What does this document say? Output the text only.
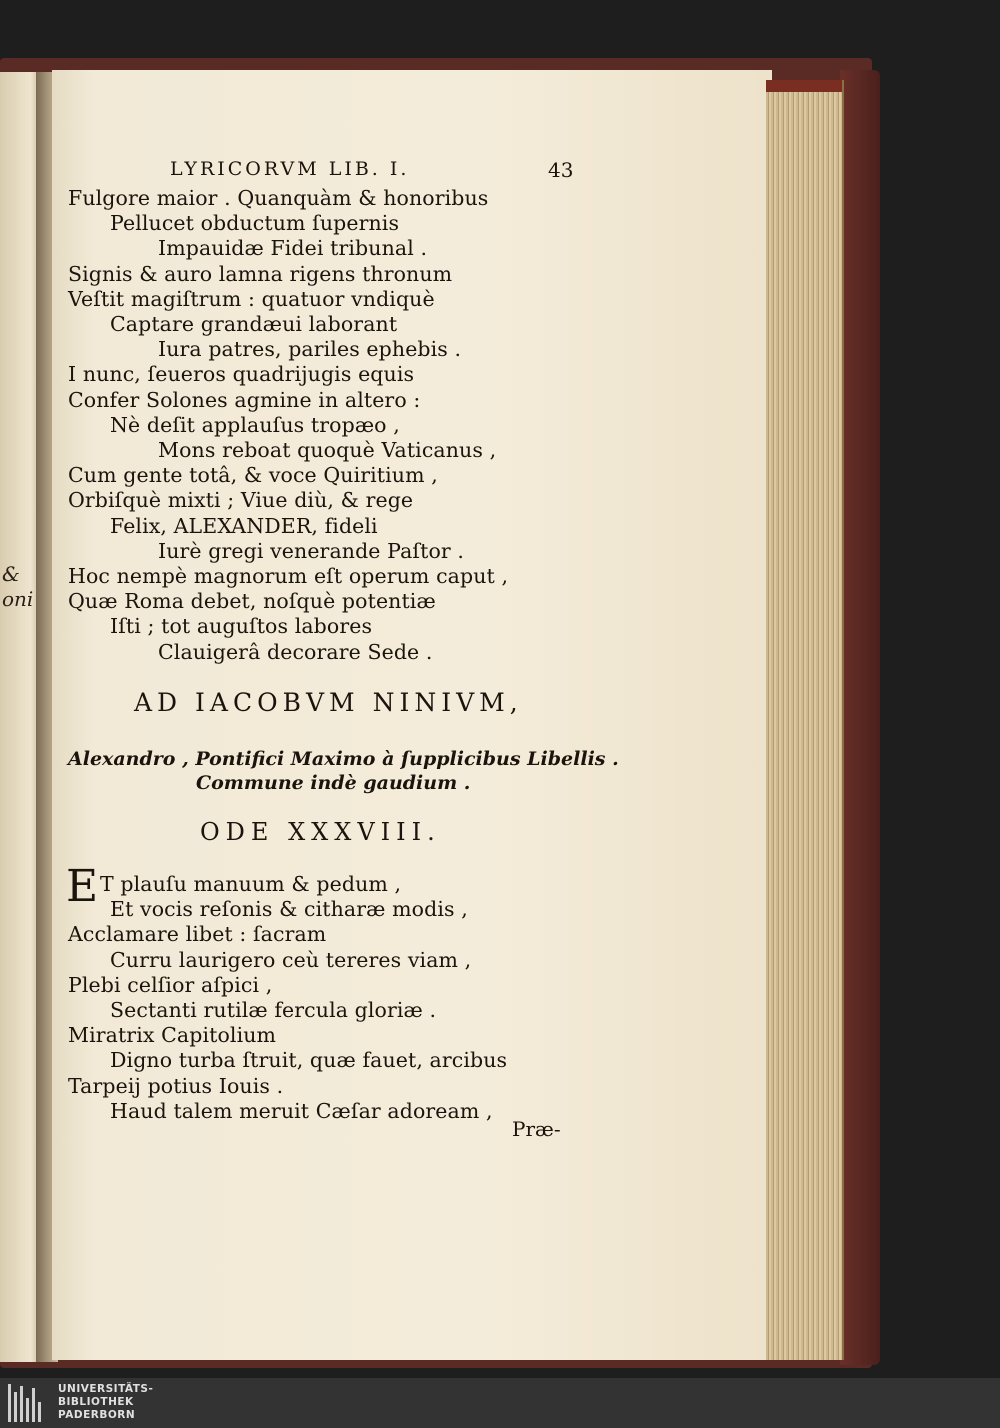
&
oni
LYRICORVM LIB. I.	43
Fulgore maior . Quanquàm & honoribus
Pellucet obductum ſupernis
Impauidæ Fidei tribunal .
Signis & auro lamna rigens thronum
Veſtit magiſtrum : quatuor vndiquè
Captare grandæui laborant
Iura patres, pariles ephebis .
I nunc, ſeueros quadrijugis equis
Confer Solones agmine in altero :
Nè deſit applauſus tropæo ,
Mons reboat quoquè Vaticanus ,
Cum gente totâ, & voce Quiritium ,
Orbiſquè mixti ; Viue diù, & rege
Felix, ALEXANDER, fideli
Iurè gregi venerande Paſtor .
Hoc nempè magnorum eſt operum caput ,
Quæ Roma debet, noſquè potentiæ
Iſti ; tot auguſtos labores
Clauigerâ decorare Sede .
AD IACOBVM NINIVM,
Alexandro , Pontifici Maximo à ſupplicibus Libellis .
Commune indè gaudium .
ODE XXXVIII.
E T plauſu manuum & pedum ,
Et vocis reſonis & citharæ modis ,
Acclamare libet : ſacram
Curru laurigero ceù tereres viam ,
Plebi celſior aſpici ,
Sectanti rutilæ fercula gloriæ .
Miratrix Capitolium
Digno turba ſtruit, quæ fauet, arcibus
Tarpeij potius Iouis .
Haud talem meruit Cæſar adoream ,
Præ-
UNIVERSITÄTS-
BIBLIOTHEK
PADERBORN
